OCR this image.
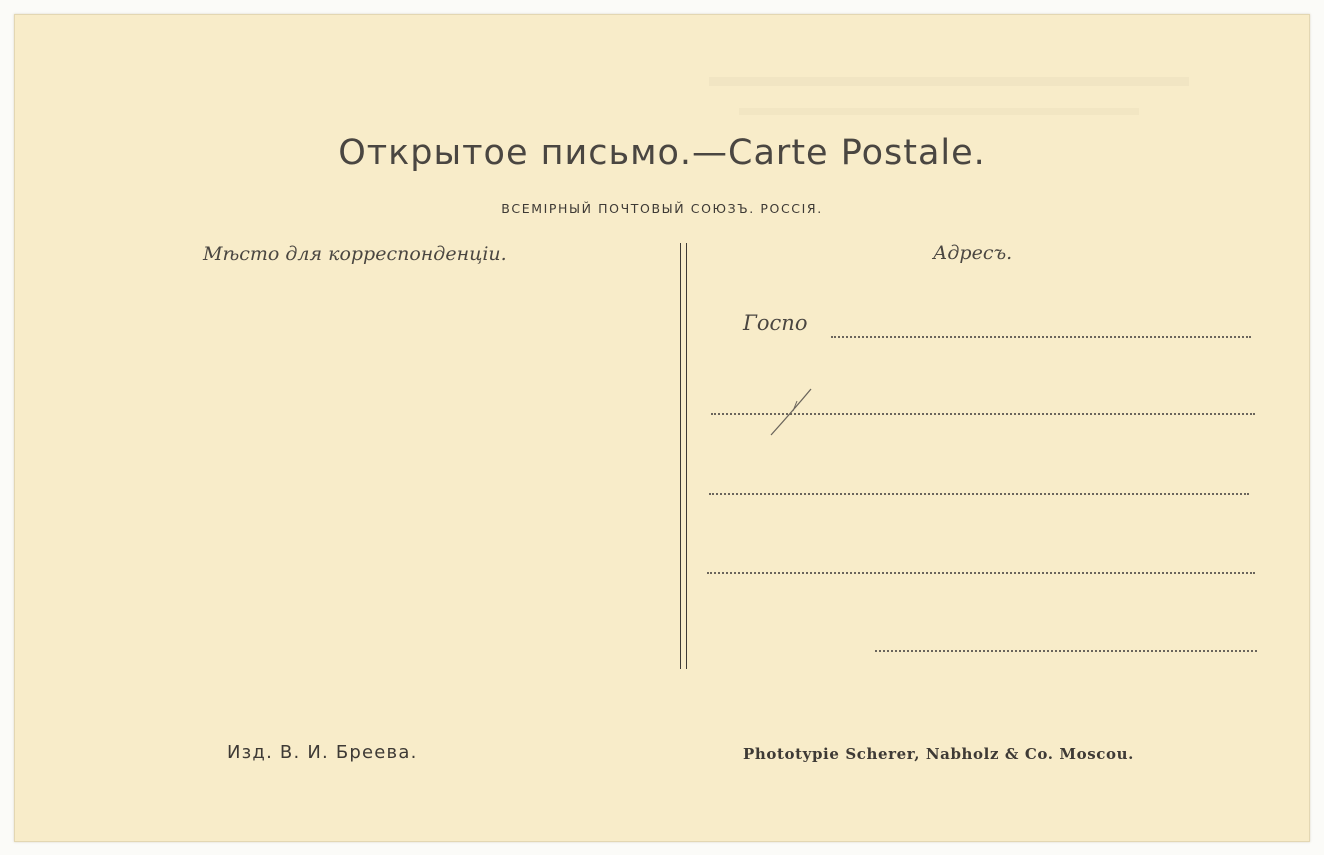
Открытое письмо.—Carte Postale.
ВСЕМІРНЫЙ ПОЧТОВЫЙ СОЮЗЪ. РОССІЯ.
Мѣсто для корреспонденціи.	Адресъ.
Госпо
Изд. В. И. Бреева.	Phototypie Scherer, Nabholz & Co. Moscou.
